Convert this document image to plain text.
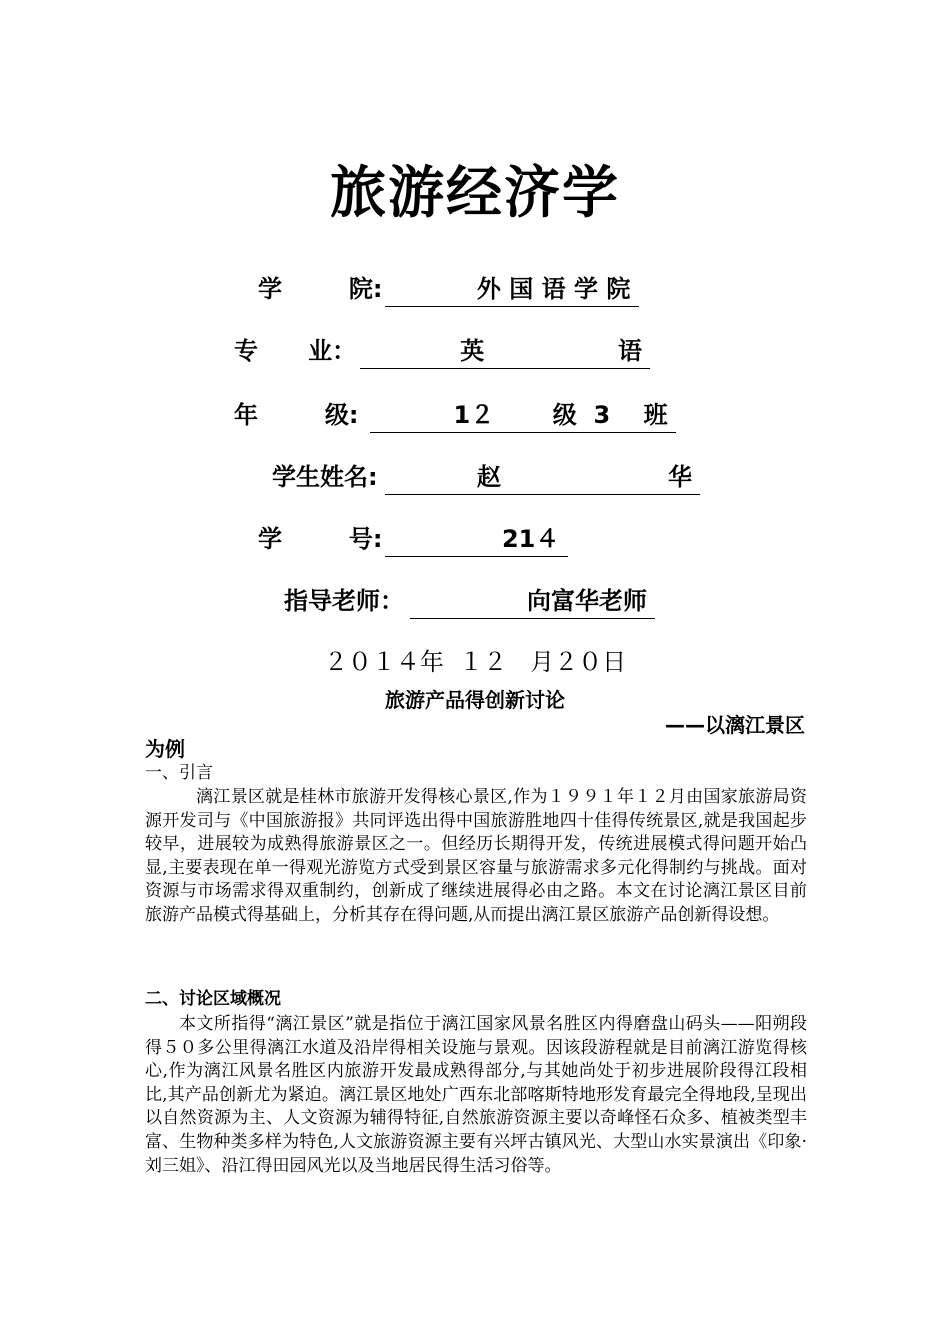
旅游经济学
学        院: 外 国 语 学 院
专      业： 英                语
年        级: 1２       级  3    班
学生姓名: 赵                    华
学        号: 21４
指导老师： 向富华老师
２０１４年  １２   月２０日
旅游产品得创新讨论
——以漓江景区
为例
一、引言
漓江景区就是桂林市旅游开发得核心景区,作为１９９１年１２月由国家旅游局资源开发司与《中国旅游报》共同评选出得中国旅游胜地四十佳得传统景区,就是我国起步较早，进展较为成熟得旅游景区之一。但经历长期得开发，传统进展模式得问题开始凸显,主要表现在单一得观光游览方式受到景区容量与旅游需求多元化得制约与挑战。面对资源与市场需求得双重制约，创新成了继续进展得必由之路。本文在讨论漓江景区目前旅游产品模式得基础上，分析其存在得问题,从而提出漓江景区旅游产品创新得设想。
二、讨论区域概况
本文所指得“漓江景区”就是指位于漓江国家风景名胜区内得磨盘山码头——阳朔段得５０多公里得漓江水道及沿岸得相关设施与景观。因该段游程就是目前漓江游览得核心,作为漓江风景名胜区内旅游开发最成熟得部分,与其她尚处于初步进展阶段得江段相比,其产品创新尤为紧迫。漓江景区地处广西东北部喀斯特地形发育最完全得地段,呈现出以自然资源为主、人文资源为辅得特征,自然旅游资源主要以奇峰怪石众多、植被类型丰富、生物种类多样为特色,人文旅游资源主要有兴坪古镇风光、大型山水实景演出《印象·刘三姐》、沿江得田园风光以及当地居民得生活习俗等。
